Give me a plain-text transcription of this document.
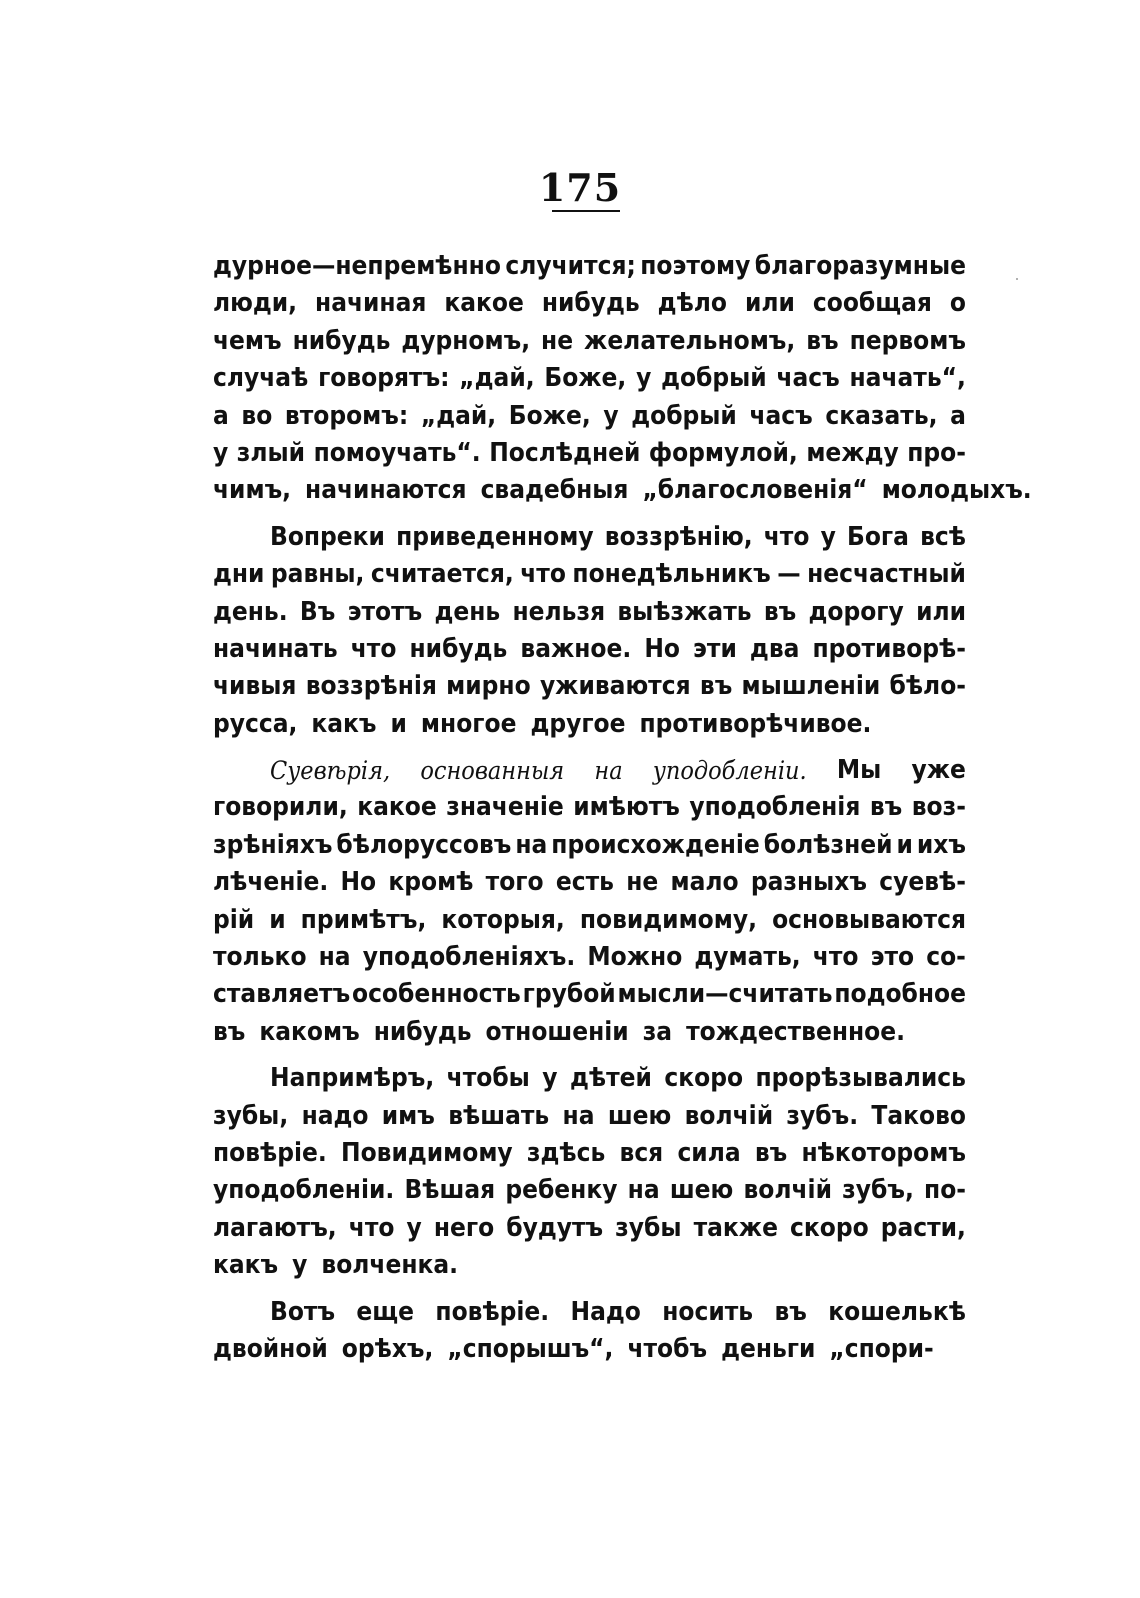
175
дурное—непремѣнно случится; поэтому благоразумные
люди, начиная какое нибудь дѣло или сообщая о
чемъ нибудь дурномъ, не желательномъ, въ первомъ
случаѣ говорятъ: „дай, Боже, у добрый часъ начать“,
а во второмъ: „дай, Боже, у добрый часъ сказать, а
у злый помоучать“. Послѣдней формулой, между про-
чимъ, начинаются свадебныя „благословенія“ молодыхъ.
Вопреки приведенному воззрѣнію, что у Бога всѣ
дни равны, считается, что понедѣльникъ — несчастный
день. Въ этотъ день нельзя выѣзжать въ дорогу или
начинать что нибудь важное. Но эти два противорѣ-
чивыя воззрѣнія мирно уживаются въ мышленіи бѣло-
русса, какъ и многое другое противорѣчивое.
Суевѣрія, основанныя на уподобленіи. Мы уже
говорили, какое значеніе имѣютъ уподобленія въ воз-
зрѣніяхъ бѣлоруссовъ на происхожденіе болѣзней и ихъ
лѣченіе. Но кромѣ того есть не мало разныхъ суевѣ-
рій и примѣтъ, которыя, повидимому, основываются
только на уподобленіяхъ. Можно думать, что это со-
ставляетъ особенность грубой мысли—считать подобное
въ какомъ нибудь отношеніи за тождественное.
Напримѣръ, чтобы у дѣтей скоро прорѣзывались
зубы, надо имъ вѣшать на шею волчій зубъ. Таково
повѣріе. Повидимому здѣсь вся сила въ нѣкоторомъ
уподобленіи. Вѣшая ребенку на шею волчій зубъ, по-
лагаютъ, что у него будутъ зубы также скоро расти,
какъ у волченка.
Вотъ еще повѣріе. Надо носить въ кошелькѣ
двойной орѣхъ, „спорышъ“, чтобъ деньги „спори-
